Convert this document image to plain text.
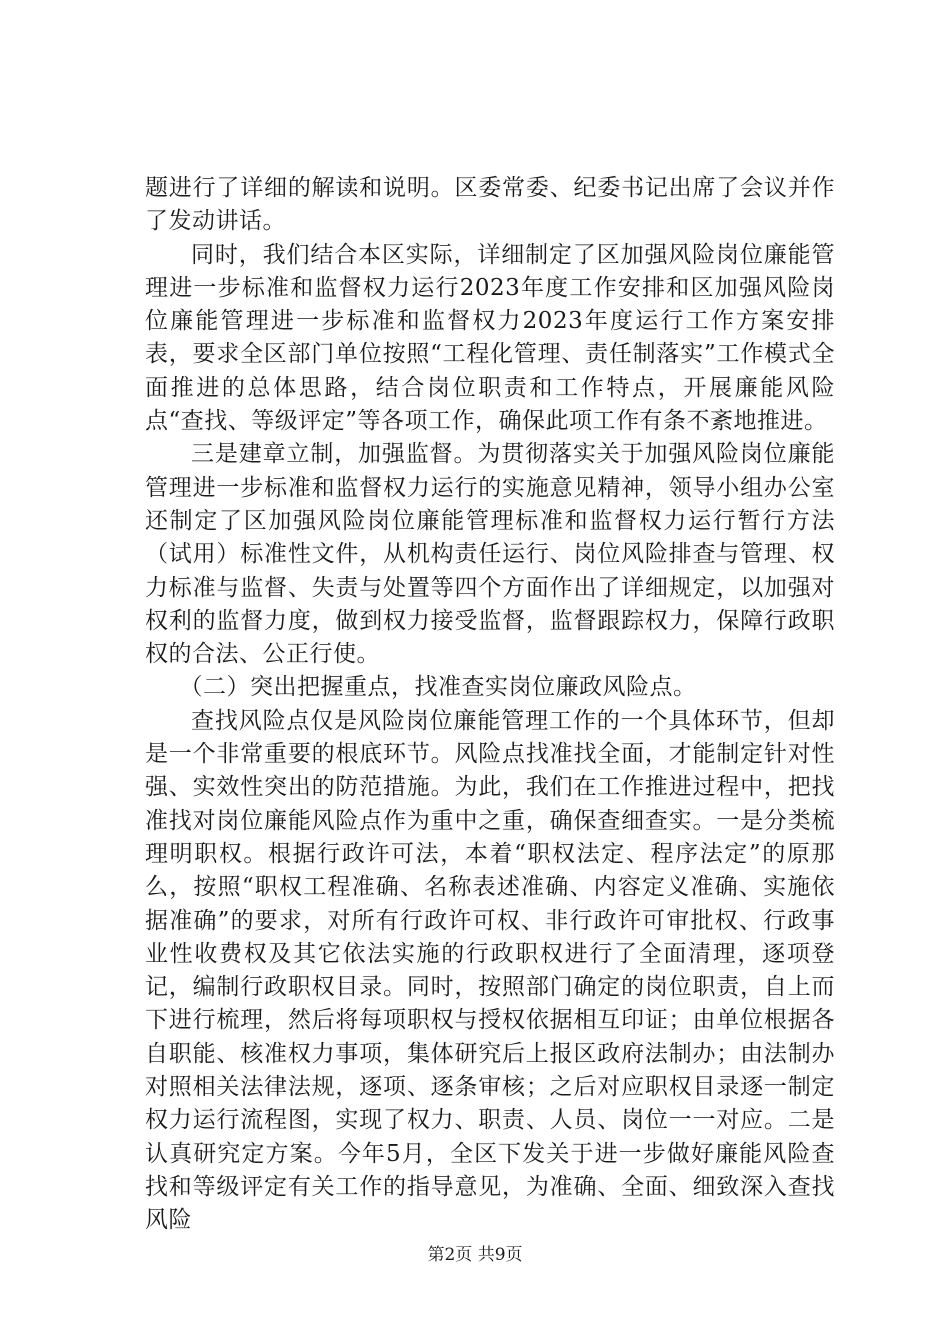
题进行了详细的解读和说明。区委常委、纪委书记出席了会议并作了发动讲话。

同时，我们结合本区实际，详细制定了区加强风险岗位廉能管理进一步标准和监督权力运行2023年度工作安排和区加强风险岗位廉能管理进一步标准和监督权力2023年度运行工作方案安排表，要求全区部门单位按照“工程化管理、责任制落实”工作模式全面推进的总体思路，结合岗位职责和工作特点，开展廉能风险点“查找、等级评定”等各项工作，确保此项工作有条不紊地推进。

三是建章立制，加强监督。为贯彻落实关于加强风险岗位廉能管理进一步标准和监督权力运行的实施意见精神，领导小组办公室还制定了区加强风险岗位廉能管理标准和监督权力运行暂行方法（试用）标准性文件，从机构责任运行、岗位风险排查与管理、权力标准与监督、失责与处置等四个方面作出了详细规定，以加强对权利的监督力度，做到权力接受监督，监督跟踪权力，保障行政职权的合法、公正行使。

（二）突出把握重点，找准查实岗位廉政风险点。

查找风险点仅是风险岗位廉能管理工作的一个具体环节，但却是一个非常重要的根底环节。风险点找准找全面，才能制定针对性强、实效性突出的防范措施。为此，我们在工作推进过程中，把找准找对岗位廉能风险点作为重中之重，确保查细查实。一是分类梳理明职权。根据行政许可法，本着“职权法定、程序法定”的原那么，按照“职权工程准确、名称表述准确、内容定义准确、实施依据准确”的要求，对所有行政许可权、非行政许可审批权、行政事业性收费权及其它依法实施的行政职权进行了全面清理，逐项登记，编制行政职权目录。同时，按照部门确定的岗位职责，自上而下进行梳理，然后将每项职权与授权依据相互印证；由单位根据各自职能、核准权力事项，集体研究后上报区政府法制办；由法制办对照相关法律法规，逐项、逐条审核；之后对应职权目录逐一制定权力运行流程图，实现了权力、职责、人员、岗位一一对应。二是认真研究定方案。今年5月，全区下发关于进一步做好廉能风险查找和等级评定有关工作的指导意见，为准确、全面、细致深入查找风险

第2页 共9页
